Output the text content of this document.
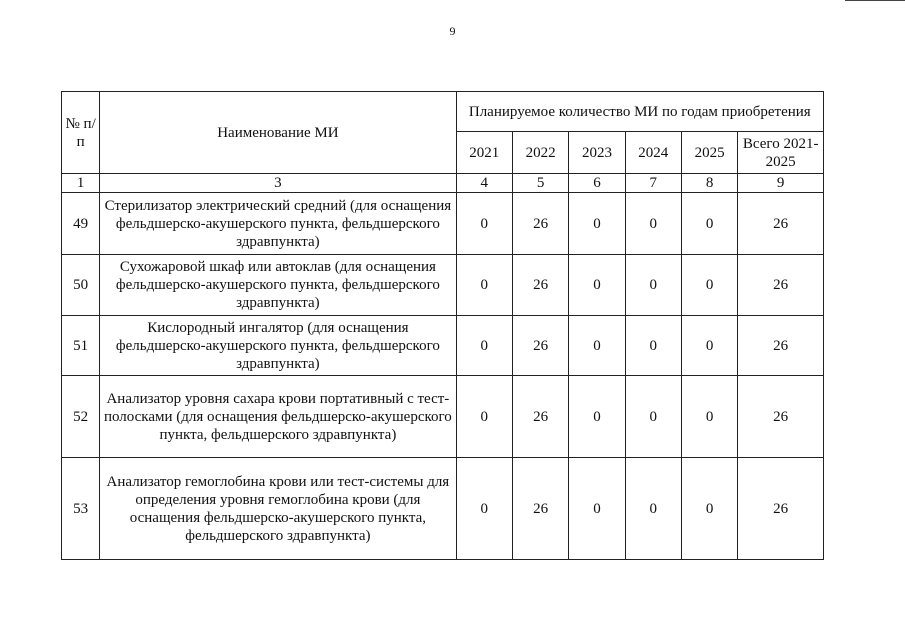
9
№ п/п	Наименование МИ	Планируемое количество МИ по годам приобретения					
		2021	2022	2023	2024	2025	Всего 2021-2025
1	3	4	5	6	7	8	9
49	Стерилизатор электрический средний (для оснащения фельдшерско-акушерского пункта, фельдшерского здравпункта)	0	26	0	0	0	26
50	Сухожаровой шкаф или автоклав (для оснащения фельдшерско-акушерского пункта, фельдшерского здравпункта)	0	26	0	0	0	26
51	Кислородный ингалятор (для оснащения фельдшерско-акушерского пункта, фельдшерского здравпункта)	0	26	0	0	0	26
52	Анализатор уровня сахара крови портативный с тест-полосками (для оснащения фельдшерско-акушерского пункта, фельдшерского здравпункта)	0	26	0	0	0	26
53	Анализатор гемоглобина крови или тест-системы для определения уровня гемоглобина крови (для оснащения фельдшерско-акушерского пункта, фельдшерского здравпункта)	0	26	0	0	0	26
